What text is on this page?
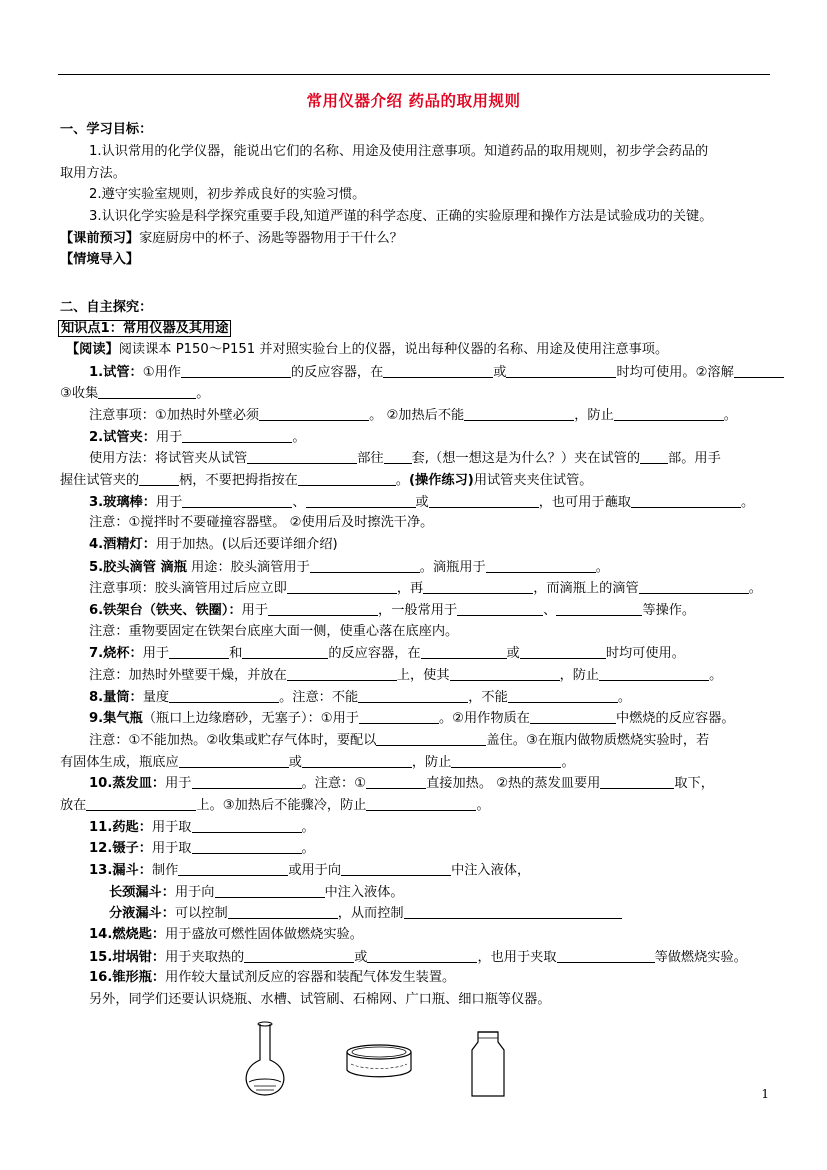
常用仪器介绍 药品的取用规则
一、学习目标：
1.认识常用的化学仪器，能说出它们的名称、用途及使用注意事项。知道药品的取用规则，初步学会药品的
取用方法。
2.遵守实验室规则，初步养成良好的实验习惯。
3.认识化学实验是科学探究重要手段,知道严谨的科学态度、正确的实验原理和操作方法是试验成功的关键。
【课前预习】家庭厨房中的杯子、汤匙等器物用于干什么？
【情境导入】
二、自主探究：
知识点1：常用仪器及其用途
【阅读】阅读课本 P150～P151 并对照实验台上的仪器，说出每种仪器的名称、用途及使用注意事项。
1.试管：①用作	的反应容器，在	或	时均可使用。②溶解
③收集	。
注意事项：①加热时外壁必须	。 ②加热后不能	，防止	。
2.试管夹：用于	。
使用方法：将试管夹从试管	部往 套,（想一想这是为什么？）夹在试管的 部。用手
握住试管夹的	柄，不要把拇指按在	。(操作练习)用试管夹夹住试管。
3.玻璃棒：用于	、	或	，也可用于蘸取	。
注意：①搅拌时不要碰撞容器壁。 ②使用后及时擦洗干净。
4.酒精灯：用于加热。(以后还要详细介绍)
5.胶头滴管 滴瓶 用途：胶头滴管用于	。滴瓶用于	。
注意事项：胶头滴管用过后应立即	，再	，而滴瓶上的滴管	。
6.铁架台（铁夹、铁圈）：用于	，一般常用于	、	等操作。
注意：重物要固定在铁架台底座大面一侧，使重心落在底座内。
7.烧杯：用于	和	的反应容器，在	或	时均可使用。
注意：加热时外壁要干燥，并放在	上，使其	，防止	。
8.量筒：量度	。注意：不能	，不能	。
9.集气瓶（瓶口上边缘磨砂，无塞子）：①用于	。②用作物质在	中燃烧的反应容器。
注意：①不能加热。②收集或贮存气体时，要配以	盖住。③在瓶内做物质燃烧实验时，若
有固体生成，瓶底应	或	，防止	。
10.蒸发皿：用于	。注意：①	直接加热。 ②热的蒸发皿要用	取下，
放在	上。③加热后不能骤冷，防止	。
11.药匙：用于取	。
12.镊子：用于取	。
13.漏斗：制作	或用于向	中注入液体，
长颈漏斗：用于向	中注入液体。
分液漏斗：可以控制	，从而控制
14.燃烧匙：用于盛放可燃性固体做燃烧实验。
15.坩埚钳：用于夹取热的	或	，也用于夹取	等做燃烧实验。
16.锥形瓶：用作较大量试剂反应的容器和装配气体发生装置。
另外，同学们还要认识烧瓶、水槽、试管刷、石棉网、广口瓶、细口瓶等仪器。
1
